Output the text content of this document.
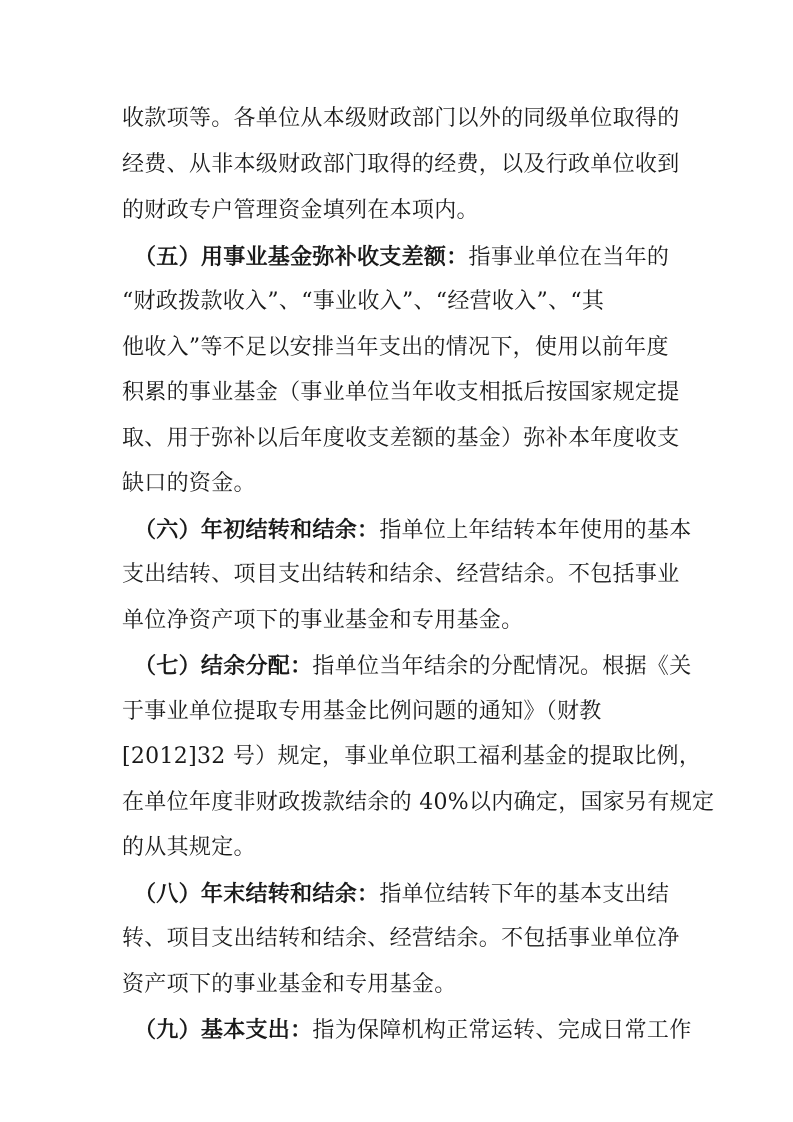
收款项等。各单位从本级财政部门以外的同级单位取得的
经费、从非本级财政部门取得的经费，以及行政单位收到
的财政专户管理资金填列在本项内。
（五）用事业基金弥补收支差额：指事业单位在当年的
“财政拨款收入”、“事业收入”、“经营收入”、“其
他收入”等不足以安排当年支出的情况下，使用以前年度
积累的事业基金（事业单位当年收支相抵后按国家规定提
取、用于弥补以后年度收支差额的基金）弥补本年度收支
缺口的资金。
（六）年初结转和结余：指单位上年结转本年使用的基本
支出结转、项目支出结转和结余、经营结余。不包括事业
单位净资产项下的事业基金和专用基金。
（七）结余分配：指单位当年结余的分配情况。根据《关
于事业单位提取专用基金比例问题的通知》（财教
[2012]32 号）规定，事业单位职工福利基金的提取比例，
在单位年度非财政拨款结余的 40%以内确定，国家另有规定
的从其规定。
（八）年末结转和结余：指单位结转下年的基本支出结
转、项目支出结转和结余、经营结余。不包括事业单位净
资产项下的事业基金和专用基金。
（九）基本支出：指为保障机构正常运转、完成日常工作
